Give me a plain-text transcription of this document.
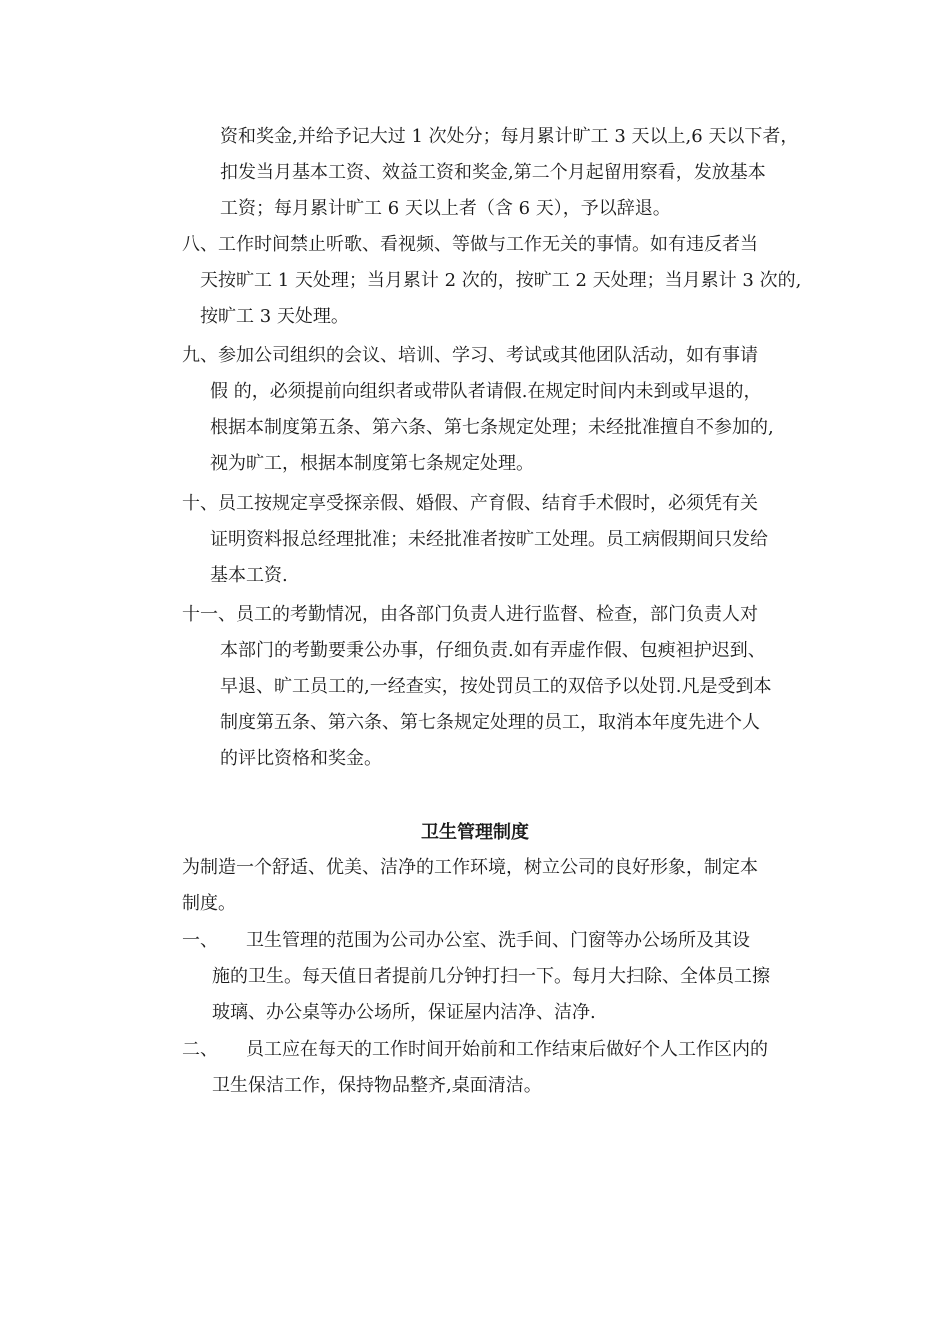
资和奖金,并给予记大过 1 次处分；每月累计旷工 3 天以上,6 天以下者，

扣发当月基本工资、效益工资和奖金,第二个月起留用察看，发放基本

工资；每月累计旷工 6 天以上者（含 6 天），予以辞退。

八、工作时间禁止听歌、看视频、等做与工作无关的事情。如有违反者当

天按旷工 1 天处理；当月累计 2 次的，按旷工 2 天处理；当月累计 3 次的,

按旷工 3 天处理。

九、参加公司组织的会议、培训、学习、考试或其他团队活动，如有事请

假 的，必须提前向组织者或带队者请假.在规定时间内未到或早退的，

根据本制度第五条、第六条、第七条规定处理；未经批准擅自不参加的,

视为旷工，根据本制度第七条规定处理。

十、员工按规定享受探亲假、婚假、产育假、结育手术假时，必须凭有关

证明资料报总经理批准；未经批准者按旷工处理。员工病假期间只发给

基本工资.

十一、员工的考勤情况，由各部门负责人进行监督、检查，部门负责人对

本部门的考勤要秉公办事，仔细负责.如有弄虚作假、包瘐袒护迟到、

早退、旷工员工的,一经查实，按处罚员工的双倍予以处罚.凡是受到本

制度第五条、第六条、第七条规定处理的员工，取消本年度先进个人

的评比资格和奖金。

卫生管理制度

为制造一个舒适、优美、洁净的工作环境，树立公司的良好形象，制定本

制度。

一、 卫生管理的范围为公司办公室、洗手间、门窗等办公场所及其设

施的卫生。每天值日者提前几分钟打扫一下。每月大扫除、全体员工擦

玻璃、办公桌等办公场所，保证屋内洁净、洁净.

二、 员工应在每天的工作时间开始前和工作结束后做好个人工作区内的

卫生保洁工作，保持物品整齐,桌面清洁。
